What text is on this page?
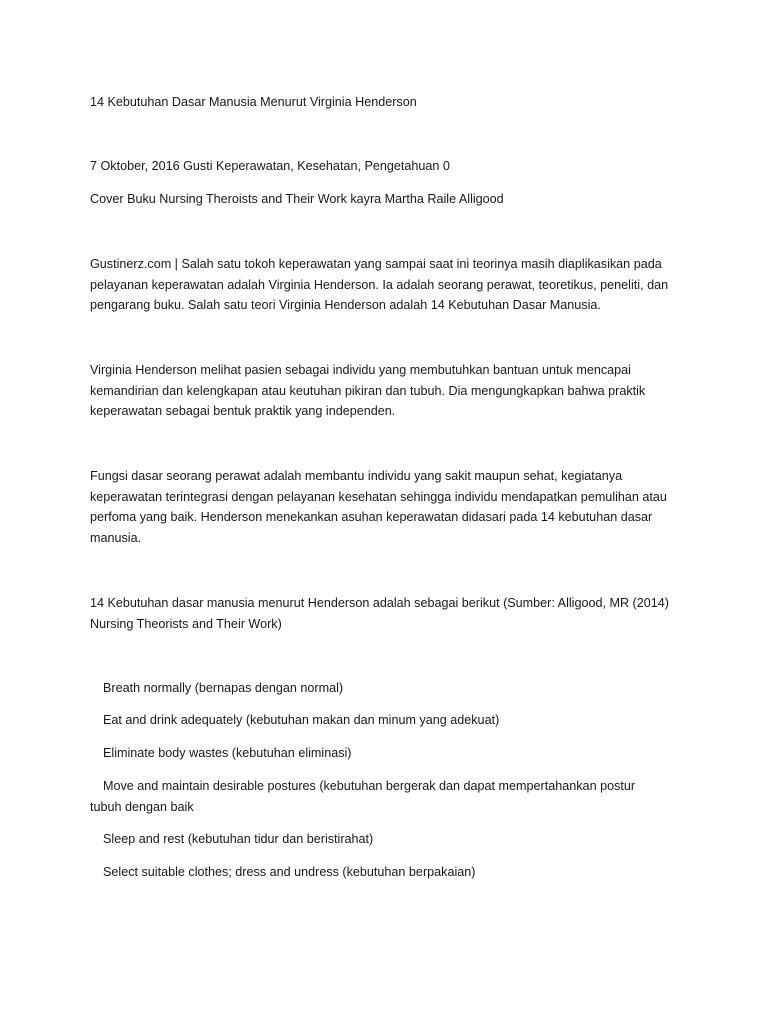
14 Kebutuhan Dasar Manusia Menurut Virginia Henderson

7 Oktober, 2016 Gusti Keperawatan, Kesehatan, Pengetahuan 0

Cover Buku Nursing Theroists and Their Work kayra Martha Raile Alligood

Gustinerz.com | Salah satu tokoh keperawatan yang sampai saat ini teorinya masih diaplikasikan pada pelayanan keperawatan adalah Virginia Henderson. Ia adalah seorang perawat, teoretikus, peneliti, dan pengarang buku. Salah satu teori Virginia Henderson adalah 14 Kebutuhan Dasar Manusia.

Virginia Henderson melihat pasien sebagai individu yang membutuhkan bantuan untuk mencapai kemandirian dan kelengkapan atau keutuhan pikiran dan tubuh. Dia mengungkapkan bahwa praktik keperawatan sebagai bentuk praktik yang independen.

Fungsi dasar seorang perawat adalah membantu individu yang sakit maupun sehat, kegiatanya keperawatan terintegrasi dengan pelayanan kesehatan sehingga individu mendapatkan pemulihan atau perfoma yang baik. Henderson menekankan asuhan keperawatan didasari pada 14 kebutuhan dasar manusia.

14 Kebutuhan dasar manusia menurut Henderson adalah sebagai berikut (Sumber: Alligood, MR (2014) Nursing Theorists and Their Work)

Breath normally (bernapas dengan normal)
Eat and drink adequately (kebutuhan makan dan minum yang adekuat)
Eliminate body wastes (kebutuhan eliminasi)
Move and maintain desirable postures (kebutuhan bergerak dan dapat mempertahankan postur
tubuh dengan baik
Sleep and rest (kebutuhan tidur dan beristirahat)
Select suitable clothes; dress and undress (kebutuhan berpakaian)
